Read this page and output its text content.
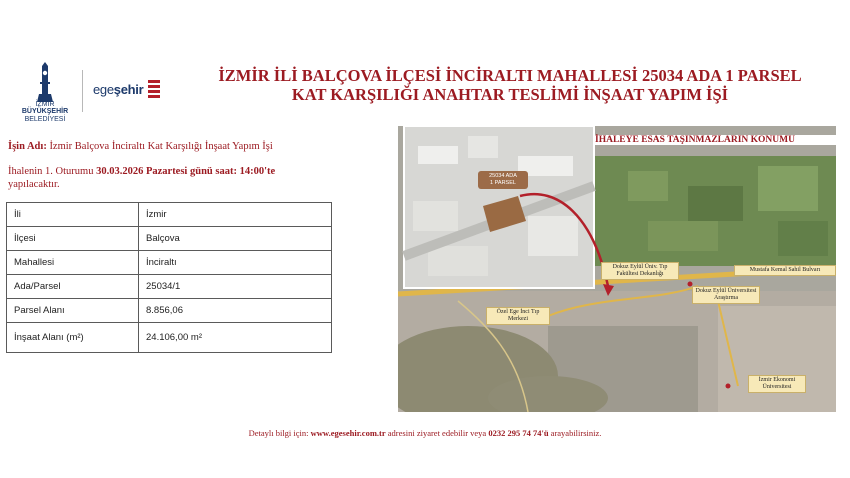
İZMİR
BÜYÜKŞEHİR
BELEDİYESİ
egeşehir
İZMİR İLİ BALÇOVA İLÇESİ İNCİRALTI MAHALLESİ 25034 ADA 1 PARSEL
KAT KARŞILIĞI ANAHTAR TESLİMİ İNŞAAT YAPIM İŞİ
İşin Adı: İzmir Balçova İnciraltı Kat Karşılığı İnşaat Yapım İşi
İhalenin 1. Oturumu 30.03.2026 Pazartesi günü saat: 14:00'te
yapılacaktır.
İli	İzmir
İlçesi	Balçova
Mahallesi	İnciraltı
Ada/Parsel	25034/1
Parsel Alanı	8.856,06
İnşaat Alanı (m²)	24.106,00 m²
İHALEYE ESAS TAŞINMAZLARIN KONUMU
25034 ADA
1 PARSEL
Dokuz Eylül Üniv. Tıp Fakültesi Dekanlığı
Mustafa Kemal Sahil Bulvarı
Dokuz Eylül Üniversitesi Araştırma
Özel Ege İnci Tıp Merkezi
İzmir Ekonomi Üniversitesi
Detaylı bilgi için: www.egesehir.com.tr adresini ziyaret edebilir veya 0232 295 74 74'ü arayabilirsiniz.
